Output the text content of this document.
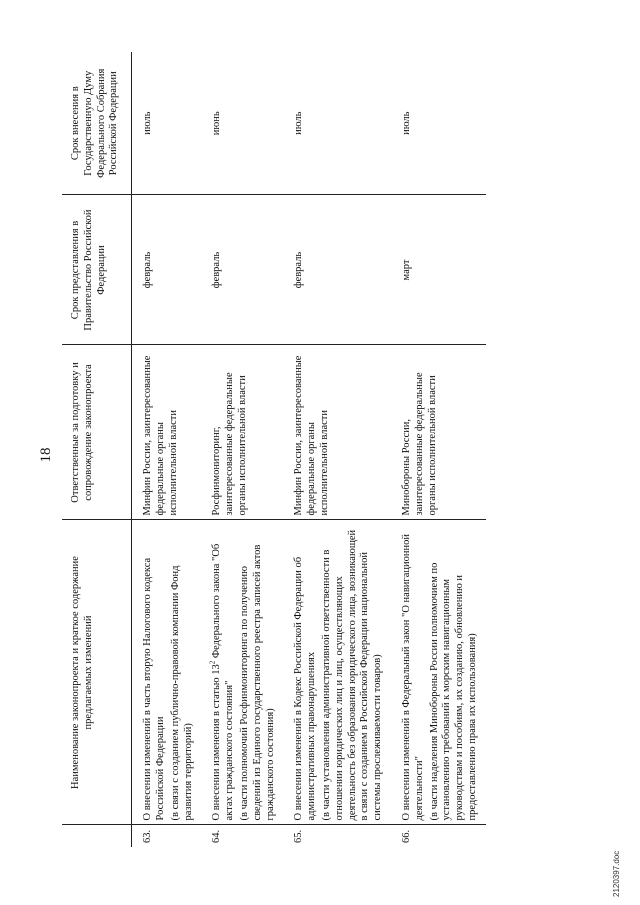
18
	Наименование законопроекта и краткое содержание предлагаемых изменений	Ответственные за подготовку и сопровождение законопроекта	Срок представления в Правительство Российской Федерации	Срок внесения в Государственную Думу Федерального Собрания Российской Федерации
63.	О внесении изменений в часть вторую Налогового кодекса Российской Федерации (в связи с созданием публично-правовой компании Фонд развития территорий)	Минфин России, заинтересованные федеральные органы исполнительной власти	февраль	июль
64.	О внесении изменения в статью $13^2$ Федерального закона "Об актах гражданского состояния" (в части полномочий Росфинмониторинга по получению сведений из Единого государственного реестра записей актов гражданского состояния)	Росфинмониторинг, заинтересованные федеральные органы исполнительной власти	февраль	июнь
65.	О внесении изменений в Кодекс Российской Федерации об административных правонарушениях (в части установления административной ответственности в отношении юридических лиц и лиц, осуществляющих деятельность без образования юридического лица, возникающей в связи с созданием в Российской Федерации национальной системы прослеживаемости товаров)	Минфин России, заинтересованные федеральные органы исполнительной власти	февраль	июль
66.	О внесении изменений в Федеральный закон "О навигационной деятельности" (в части наделения Минобороны России полномочием по установлению требований к морским навигационным руководствам и пособиям, их созданию, обновлению и предоставлению права их использования)	Минобороны России, заинтересованные федеральные органы исполнительной власти	март	июль
2120397.doc
